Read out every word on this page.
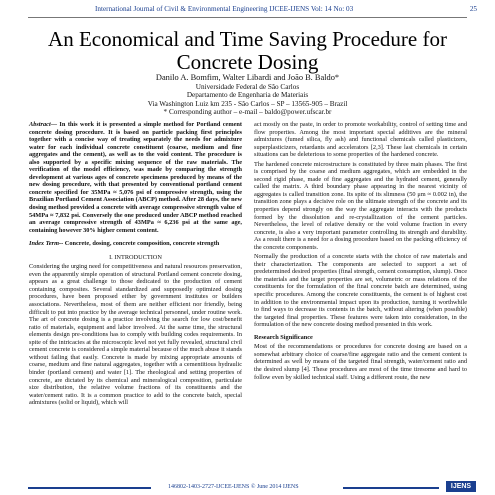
International Journal of Civil & Environmental Engineering IJCEE-IJENS Vol: 14 No: 03	25
An Economical and Time Saving Procedure for Concrete Dosing
Danilo A. Bomfim, Walter Libardi and João B. Baldo*
Universidade Federal de São Carlos
Departamento de Engenharia de Materiais
Via Washington Luiz km 235 - São Carlos – SP – 13565-905 – Brazil
* Corresponding author – e-mail – baldo@power.ufscar.br

Abstract— In this work it is presented a simple method for Portland cement concrete dosing procedure. It is based on particle packing first principles together with a concise way of treating separately the needs for admixture water for each individual concrete constituent (coarse, medium and fine aggregates and the cement), as well as to the void content. The procedure is also supported by a specific mixing sequence of the raw materials. The verification of the model efficiency, was made by comparing the strength development at various ages of concrete specimens produced by means of the new dosing procedure, with that presented by conventional portland cement concrete specified for 35MPa ≈ 5,076 psi of compressive strength, using the Brazilian Portland Cement Association (ABCP) method. After 28 days, the new dosing method provided a concrete with average compressive strength value of 54MPa ≈ 7,832 psi. Conversely the one produced under ABCP method reached an average compressive strength of 43MPa ≈ 6,236 psi at the same age, containing however 30% higher cement content.

Index Term-- Concrete, dosing, concrete composition, concrete strength

I. INTRODUCTION

Considering the urging need for competitiveness and natural resources preservation, even the apparently simple operation of structural Portland cement concrete dosing, appears as a great challenge to those dedicated to the production of cement containing composites. Several standardized and supposedly optimized dosing procedures, have been proposed either by government institutes or builders associations. Nevertheless, most of them are neither efficient nor friendly, being difficult to put into practice by the average technical personnel, under routine work. The art of concrete dosing is a practice involving the search for low cost/benefit ratio of materials, equipment and labor involved. At the same time, the structural elements design pre-conditions has to comply with building codes requirements. In spite of the intricacies at the microscopic level not yet fully revealed, structural civil cement concrete is considered a simple material because of the much abuse it stands without failing that easily. Concrete is made by mixing appropriate amounts of coarse, medium and fine natural aggregates, together with a cementitious hydraulic binder (portland cement) and water [1]. The rheological and setting properties of concrete, are dictated by its chemical and mineralogical composition, particulate size distribution, the relative volume fractions of its constituents and the water/cement ratio. It is a common practice to add to the concrete batch, special admixtures (solid or liquid), which will

act mostly on the paste, in order to promote workability, control of setting time and flow properties. Among the most important special additives are the mineral admixtures (fumed silica, fly ash) and functional chemicals called plasticizers, superplasticizers, retardants and accelerators [2,3]. These last chemicals in certain situations can be deleterious to some properties of the hardened concrete.

The hardened concrete microstructure is constituted by three main phases. The first is comprised by the coarse and medium aggregates, which are embedded in the second rigid phase, made of fine aggregates and the hydrated cement, generally called the matrix. A third boundary phase appearing in the nearest vicinity of aggregates is called transition zone. Its spite of its slimness (50 μm ≈ 0.002 in), the transition zone plays a decisive role on the ultimate strength of the concrete and its properties depend strongly on the way the aggregate interacts with the products formed by the dissolution and re-crystallization of the cement particles. Nevertheless, the level of relative density or the void volume fraction in every concrete, is also a very important parameter controlling its strength and durability. As a result there is a need for a dosing procedure based on the packing efficiency of the concrete components.

Normally the production of a concrete starts with the choice of raw materials and their characterization. The components are selected to support a set of predetermined desired properties (final strength, cement consumption, slump). Once the materials and the target properties are set, volumetric or mass relations of the constituents for the formulation of the final concrete batch are determined, using specific procedures. Among the concrete constituents, the cement is of highest cost in addition to the environmental impact upon its production, turning it worthwhile to find ways to decrease its contents in the batch, without altering (when possible) the targeted final properties. These features were taken into consideration, in the formulation of the new concrete dosing method presented in this work.

Research Significance

Most of the recommendations or procedures for concrete dosing are based on a somewhat arbitrary choice of coarse/fine aggregate ratio and the cement content is determined as well by means of the targeted final strength, water/cement ratio and the desired slump [4]. These procedures are most of the time tiresome and hard to follow even by skilled technical staff. Using a different route, the new

146802-1403-2727-IJCEE-IJENS © June 2014 IJENS	IJENS
